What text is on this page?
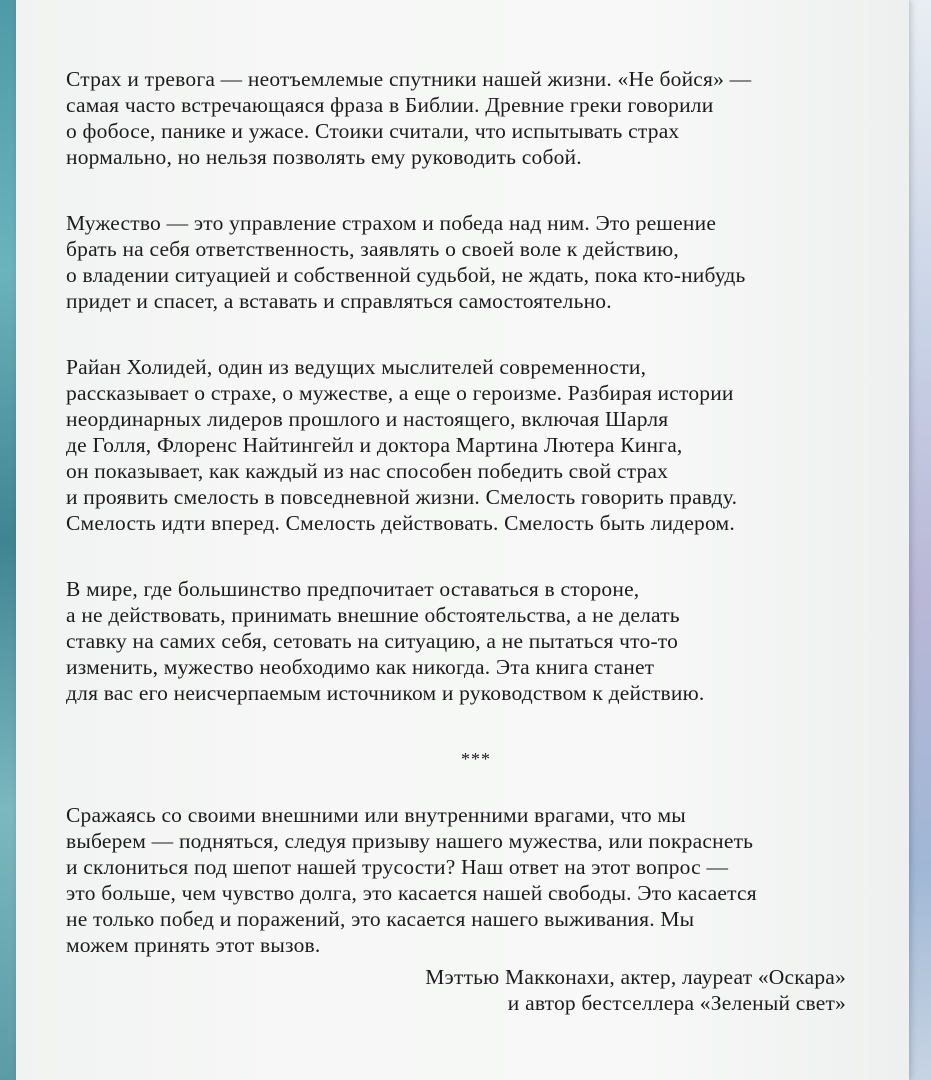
Страх и тревога — неотъемлемые спутники нашей жизни. «Не бойся» —
самая часто встречающаяся фраза в Библии. Древние греки говорили
о фобосе, панике и ужасе. Стоики считали, что испытывать страх
нормально, но нельзя позволять ему руководить собой.

Мужество — это управление страхом и победа над ним. Это решение
брать на себя ответственность, заявлять о своей воле к действию,
о владении ситуацией и собственной судьбой, не ждать, пока кто-нибудь
придет и спасет, а вставать и справляться самостоятельно.

Райан Холидей, один из ведущих мыслителей современности,
рассказывает о страхе, о мужестве, а еще о героизме. Разбирая истории
неординарных лидеров прошлого и настоящего, включая Шарля
де Голля, Флоренс Найтингейл и доктора Мартина Лютера Кинга,
он показывает, как каждый из нас способен победить свой страх
и проявить смелость в повседневной жизни. Смелость говорить правду.
Смелость идти вперед. Смелость действовать. Смелость быть лидером.

В мире, где большинство предпочитает оставаться в стороне,
а не действовать, принимать внешние обстоятельства, а не делать
ставку на самих себя, сетовать на ситуацию, а не пытаться что-то
изменить, мужество необходимо как никогда. Эта книга станет
для вас его неисчерпаемым источником и руководством к действию.

***

Сражаясь со своими внешними или внутренними врагами, что мы
выберем — подняться, следуя призыву нашего мужества, или покраснеть
и склониться под шепот нашей трусости? Наш ответ на этот вопрос —
это больше, чем чувство долга, это касается нашей свободы. Это касается
не только побед и поражений, это касается нашего выживания. Мы
можем принять этот вызов.

Мэттью Макконахи, актер, лауреат «Оскара»
и автор бестселлера «Зеленый свет»
